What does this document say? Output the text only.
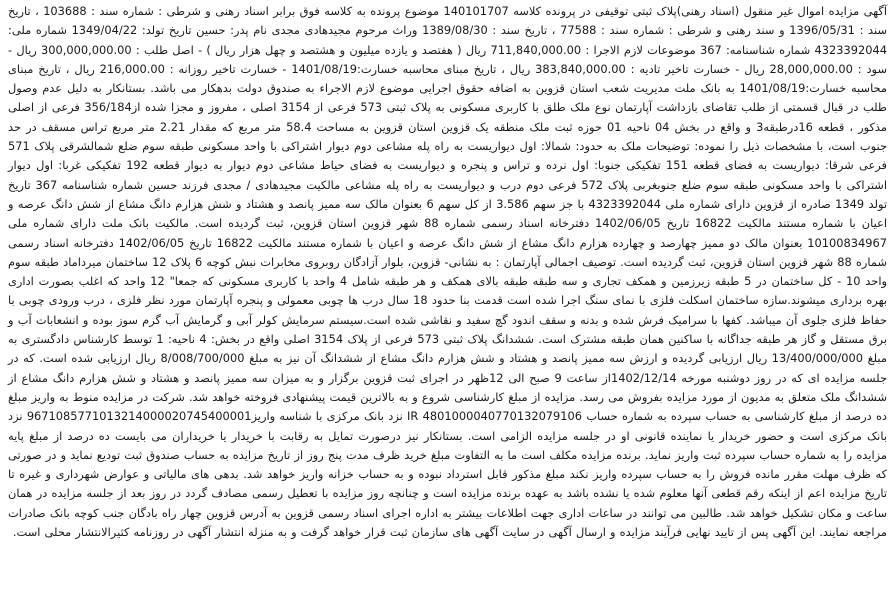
آگهی مزایده اموال غیر منقول (اسناد رهنی)پلاک ثبتی توقیفی در پرونده کلاسه 140101707 موضوع پرونده به کلاسه فوق برابر اسناد رهنی و شرطی : شماره سند : 103688 ، تاریخ سند : 1396/05/31 و سند رهنی و شرطی : شماره سند : 77588 ، تاریخ سند : 1389/08/30 وراث مرحوم مجیدهادی مجدی نام پدر: حسین تاریخ تولد: 1349/04/22 شماره ملی: 4323392044 شماره شناسنامه: 367 موضوعات لازم الاجرا : 711,840,000.00 ریال ( هفتصد و یازده میلیون و هشتصد و چهل هزار ریال ) - اصل طلب : 300,000,000.00 ریال - سود : 28,000,000.00 ریال - خسارت تاخیر تادیه : 383,840,000.00 ریال ، تاریخ مبنای محاسبه خسارت:1401/08/19 - خسارت تاخیر روزانه : 216,000.00 ریال ، تاریخ مبنای محاسبه خسارت:1401/08/19 به بانک ملت مدیریت شعب استان قزوین به اضافه حقوق اجرایی موضوع لازم الاجراء به صندوق دولت بدهکار می باشد. بستانکار به دلیل عدم وصول طلب در قبال قسمتی از طلب تقاضای بازداشت آپارتمان نوع ملک طلق با کاربری مسکونی به پلاک ثبتی 573 فرعی از 3154 اصلی ، مفروز و مجزا شده از356/184 فرعی از اصلی مذکور ، قطعه 16درطبقه3 و واقع در بخش 04 ناحیه 01 حوزه ثبت ملک منطقه یک قزوین استان قزوین به مساحت 58.4 متر مربع که مقدار 2.21 متر مربع تراس مسقف در حد جنوب است، با مشخصات ذیل را نموده: توضیحات ملک به حدود: شمالا: اول دیواریست به راه پله مشاعی دوم دیوار اشتراکی با واحد مسکونی طبقه سوم ضلع شمالشرقی پلاک 571 فرعی شرقا: دیواریست به فضای قطعه 151 تفکیکی جنوبا: اول نرده و تراس و پنجره و دیواریست به فضای حیاط مشاعی دوم دیوار به دیوار قطعه 192 تفکیکی غربا: اول دیوار اشتراکی با واحد مسکونی طبقه سوم ضلع جنوبغربی پلاک 572 فرعی دوم درب و دیواریست به راه پله مشاعی مالکیت مجیدهادی / مجدی فرزند حسین شماره شناسنامه 367 تاریخ تولد 1349 صادره از قزوین دارای شماره ملی 4323392044 با جز سهم 3.586 از کل سهم 6 بعنوان مالک سه ممیز پانصد و هشتاد و شش هزارم دانگ مشاع از شش دانگ عرصه و اعیان با شماره مستند مالکیت 16822 تاریخ 1402/06/05 دفترخانه اسناد رسمی شماره 88 شهر قزوین استان قزوین، ثبت گردیده است. مالکیت بانک ملت دارای شماره ملی 10100834967 بعنوان مالک دو ممیز چهارصد و چهارده هزارم دانگ مشاع از شش دانگ عرصه و اعیان با شماره مستند مالکیت 16822 تاریخ 1402/06/05 دفترخانه اسناد رسمی شماره 88 شهر قزوین استان قزوین، ثبت گردیده است. توصیف اجمالی آپارتمان : به نشانی- قزوین، بلوار آزادگان روبروی مخابرات نبش کوچه 6 پلاک 12 ساختمان میرداماد طبقه سوم واحد 10 - کل ساختمان در 5 طبقه زیرزمین و همکف تجاری و سه طبقه طبقه بالای همکف و هر طبقه شامل 4 واحد با کاربری مسکونی که جمعا" 12 واحد که اغلب بصورت اداری بهره برداری میشوند.سازه ساختمان اسکلت فلزی با نمای سنگ اجرا شده است قدمت بنا حدود 18 سال درب ها چوبی معمولی و پنجره آپارتمان مورد نظر فلزی ، درب ورودی چوبی با حفاظ فلزی جلوی آن میباشد. کفها با سرامیک فرش شده و بدنه و سقف اندود گچ سفید و نقاشی شده است.سیستم سرمایش کولر آبی و گرمایش آب گرم سوز بوده و انشعابات آب و برق مستقل و گاز هر طبقه جداگانه با ساکنین همان طبقه مشترک است. ششدانگ پلاک ثبتی 573 فرعی از پلاک 3154 اصلی واقع در بخش: 4 ناحیه: 1 توسط کارشناس دادگستری به مبلغ 13/400/000/000 ریال ارزیابی گردیده و ارزش سه ممیز پانصد و هشتاد و شش هزارم دانگ مشاع از ششدانگ آن نیز به مبلغ 8/008/700/000 ریال ارزیابی شده است. که در جلسه مزایده ای که در روز دوشنبه مورخه 1402/12/14از ساعت 9 صبح الی 12ظهر در اجرای ثبت قزوین برگزار و به میزان سه ممیز پانصد و هشتاد و شش هزارم دانگ مشاع از ششدانگ ملک متعلق به مدیون از مورد مزایده بفروش می رسد. مزایده از مبلغ کارشناسی شروع و به بالاترین قیمت پیشنهادی فروخته خواهد شد. شرکت در مزایده منوط به واریز مبلغ ده درصد از مبلغ کارشناسی به حساب سپرده به شماره حساب 4801000040770132079106 IR نزد بانک مرکزی با شناسه واریز9671085771013214000020745400001 نزد بانک مرکزی است و حضور خریدار یا نماینده قانونی او در جلسه مزایده الزامی است. بستانکار نیز درصورت تمایل به رقابت با خریدار یا خریداران می بایست ده درصد از مبلغ پایه مزایده را به شماره حساب سپرده ثبت واریز نماید. برنده مزایده مکلف است ما به التفاوت مبلغ خرید ظرف مدت پنج روز از تاریخ مزایده به حساب صندوق ثبت تودیع نماید و در صورتی که ظرف مهلت مقرر مانده فروش را به حساب سپرده واریز نکند مبلغ مذکور قابل استرداد نبوده و به حساب خزانه واریز خواهد شد. بدهی های مالیاتی و عوارض شهرداری و غیره تا تاریخ مزایده اعم از اینکه رقم قطعی آنها معلوم شده یا نشده باشد به عهده برنده مزایده است و چنانچه روز مزایده با تعطیل رسمی مصادف گردد در روز بعد از جلسه مزایده در همان ساعت و مکان تشکیل خواهد شد. طالبین می توانند در ساعات اداری جهت اطلاعات بیشتر به اداره اجرای اسناد رسمی قزوین به آدرس قزوین چهار راه بادگان جنب کوچه بانک صادرات مراجعه نمایند. این آگهی پس از تایید نهایی فرآیند مزایده و ارسال آگهی در سایت آگهی های سازمان ثبت قرار خواهد گرفت و به منزله انتشار آگهی در روزنامه کثیرالانتشار محلی است.
